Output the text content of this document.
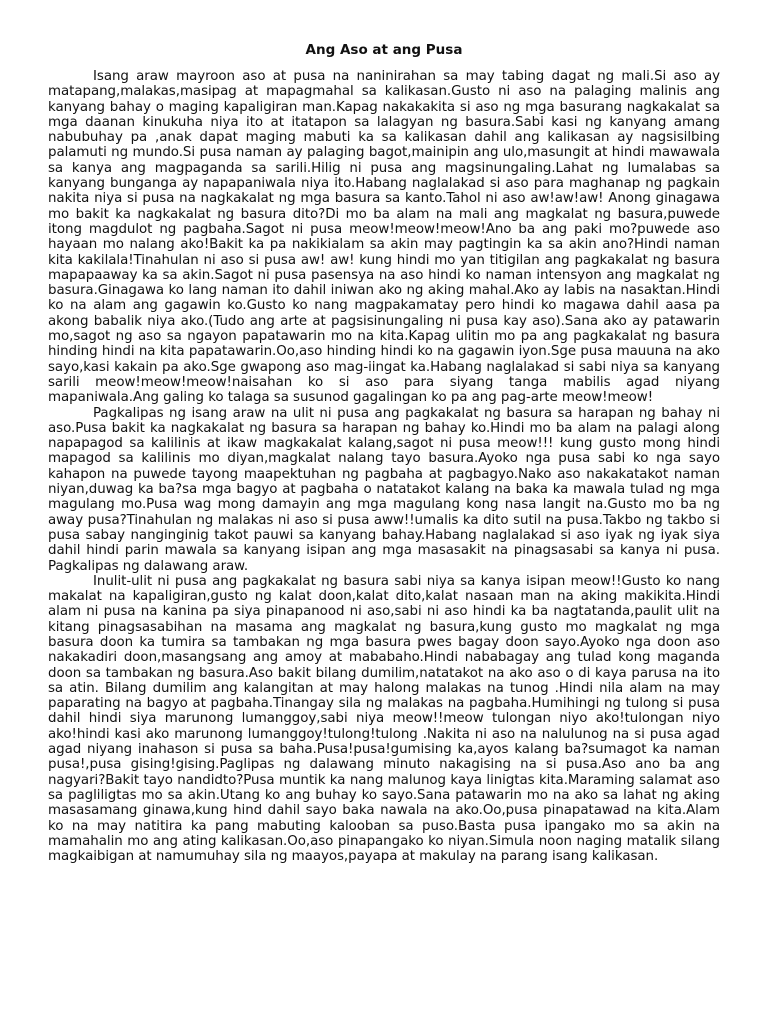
Ang Aso at ang Pusa

Isang araw mayroon aso at pusa na naninirahan sa may tabing dagat ng mali.Si aso ay matapang,malakas,masipag at mapagmahal sa kalikasan.Gusto ni aso na palaging malinis ang kanyang bahay o maging kapaligiran man.Kapag nakakakita si aso ng mga basurang nagkakalat sa mga daanan kinukuha niya ito at itatapon sa lalagyan ng basura.Sabi kasi ng kanyang amang nabubuhay pa ,anak dapat maging mabuti ka sa kalikasan dahil ang kalikasan ay nagsisilbing palamuti ng mundo.Si pusa naman ay palaging bagot,mainipin ang ulo,masungit at hindi mawawala sa kanya ang magpaganda sa sarili.Hilig ni pusa ang magsinungaling.Lahat ng lumalabas sa kanyang bunganga ay napapaniwala niya ito.Habang naglalakad si aso para maghanap ng pagkain nakita niya si pusa na nagkakalat ng mga basura sa kanto.Tahol ni aso aw!aw!aw! Anong ginagawa mo bakit ka nagkakalat ng basura dito?Di mo ba alam na mali ang magkalat ng basura,puwede itong magdulot ng pagbaha.Sagot ni pusa meow!meow!meow!Ano ba ang paki mo?puwede aso hayaan mo nalang ako!Bakit ka pa nakikialam sa akin may pagtingin ka sa akin ano?Hindi naman kita kakilala!Tinahulan ni aso si pusa aw! aw! kung hindi mo yan titigilan ang pagkakalat ng basura mapapaaway ka sa akin.Sagot ni pusa pasensya na aso hindi ko naman intensyon ang magkalat ng basura.Ginagawa ko lang naman ito dahil iniwan ako ng aking mahal.Ako ay labis na nasaktan.Hindi ko na alam ang gagawin ko.Gusto ko nang magpakamatay pero hindi ko magawa dahil aasa pa akong babalik niya ako.(Tudo ang arte at pagsisinungaling ni pusa kay aso).Sana ako ay patawarin mo,sagot ng aso sa ngayon papatawarin mo na kita.Kapag ulitin mo pa ang pagkakalat ng basura hinding hindi na kita papatawarin.Oo,aso hinding hindi ko na gagawin iyon.Sge pusa mauuna na ako sayo,kasi kakain pa ako.Sge gwapong aso mag-iingat ka.Habang naglalakad si sabi niya sa kanyang sarili meow!meow!meow!naisahan ko si aso para siyang tanga mabilis agad niyang mapaniwala.Ang galing ko talaga sa susunod gagalingan ko pa ang pag-arte meow!meow!

Pagkalipas ng isang araw na ulit ni pusa ang pagkakalat ng basura sa harapan ng bahay ni aso.Pusa bakit ka nagkakalat ng basura sa harapan ng bahay ko.Hindi mo ba alam na palagi along napapagod sa kalilinis at ikaw magkakalat kalang,sagot ni pusa meow!!! kung gusto mong hindi mapagod sa kalilinis mo diyan,magkalat nalang tayo basura.Ayoko nga pusa sabi ko nga sayo kahapon na puwede tayong maapektuhan ng pagbaha at pagbagyo.Nako aso nakakatakot naman niyan,duwag ka ba?sa mga bagyo at pagbaha o natatakot kalang na baka ka mawala tulad ng mga magulang mo.Pusa wag mong damayin ang mga magulang kong nasa langit na.Gusto mo ba ng away pusa?Tinahulan ng malakas ni aso si pusa aww!!umalis ka dito sutil na pusa.Takbo ng takbo si pusa sabay nanginginig takot pauwi sa kanyang bahay.Habang naglalakad si aso iyak ng iyak siya dahil hindi parin mawala sa kanyang isipan ang mga masasakit na pinagsasabi sa kanya ni pusa. Pagkalipas ng dalawang araw.

Inulit-ulit ni pusa ang pagkakalat ng basura sabi niya sa kanya isipan meow!!Gusto ko nang makalat na kapaligiran,gusto ng kalat doon,kalat dito,kalat nasaan man na aking makikita.Hindi alam ni pusa na kanina pa siya pinapanood ni aso,sabi ni aso hindi ka ba nagtatanda,paulit ulit na kitang pinagsasabihan na masama ang magkalat ng basura,kung gusto mo magkalat ng mga basura doon ka tumira sa tambakan ng mga basura pwes bagay doon sayo.Ayoko nga doon aso nakakadiri doon,masangsang ang amoy at mababaho.Hindi nababagay ang tulad kong maganda doon sa tambakan ng basura.Aso bakit bilang dumilim,natatakot na ako aso o di kaya parusa na ito sa atin. Bilang dumilim ang kalangitan at may halong malakas na tunog .Hindi nila alam na may paparating na bagyo at pagbaha.Tinangay sila ng malakas na pagbaha.Humihingi ng tulong si pusa dahil hindi siya marunong lumanggoy,sabi niya meow!!meow tulongan niyo ako!tulongan niyo ako!hindi kasi ako marunong lumanggoy!tulong!tulong .Nakita ni aso na nalulunog na si pusa agad agad niyang inahason si pusa sa baha.Pusa!pusa!gumising ka,ayos kalang ba?sumagot ka naman pusa!,pusa gising!gising.Paglipas ng dalawang minuto nakagising na si pusa.Aso ano ba ang nagyari?Bakit tayo nandidto?Pusa muntik ka nang malunog kaya linigtas kita.Maraming salamat aso sa pagliligtas mo sa akin.Utang ko ang buhay ko sayo.Sana patawarin mo na ako sa lahat ng aking masasamang ginawa,kung hind dahil sayo baka nawala na ako.Oo,pusa pinapatawad na kita.Alam ko na may natitira ka pang mabuting kalooban sa puso.Basta pusa ipangako mo sa akin na mamahalin mo ang ating kalikasan.Oo,aso pinapangako ko niyan.Simula noon naging matalik silang magkaibigan at namumuhay sila ng maayos,payapa at makulay na parang isang kalikasan.
